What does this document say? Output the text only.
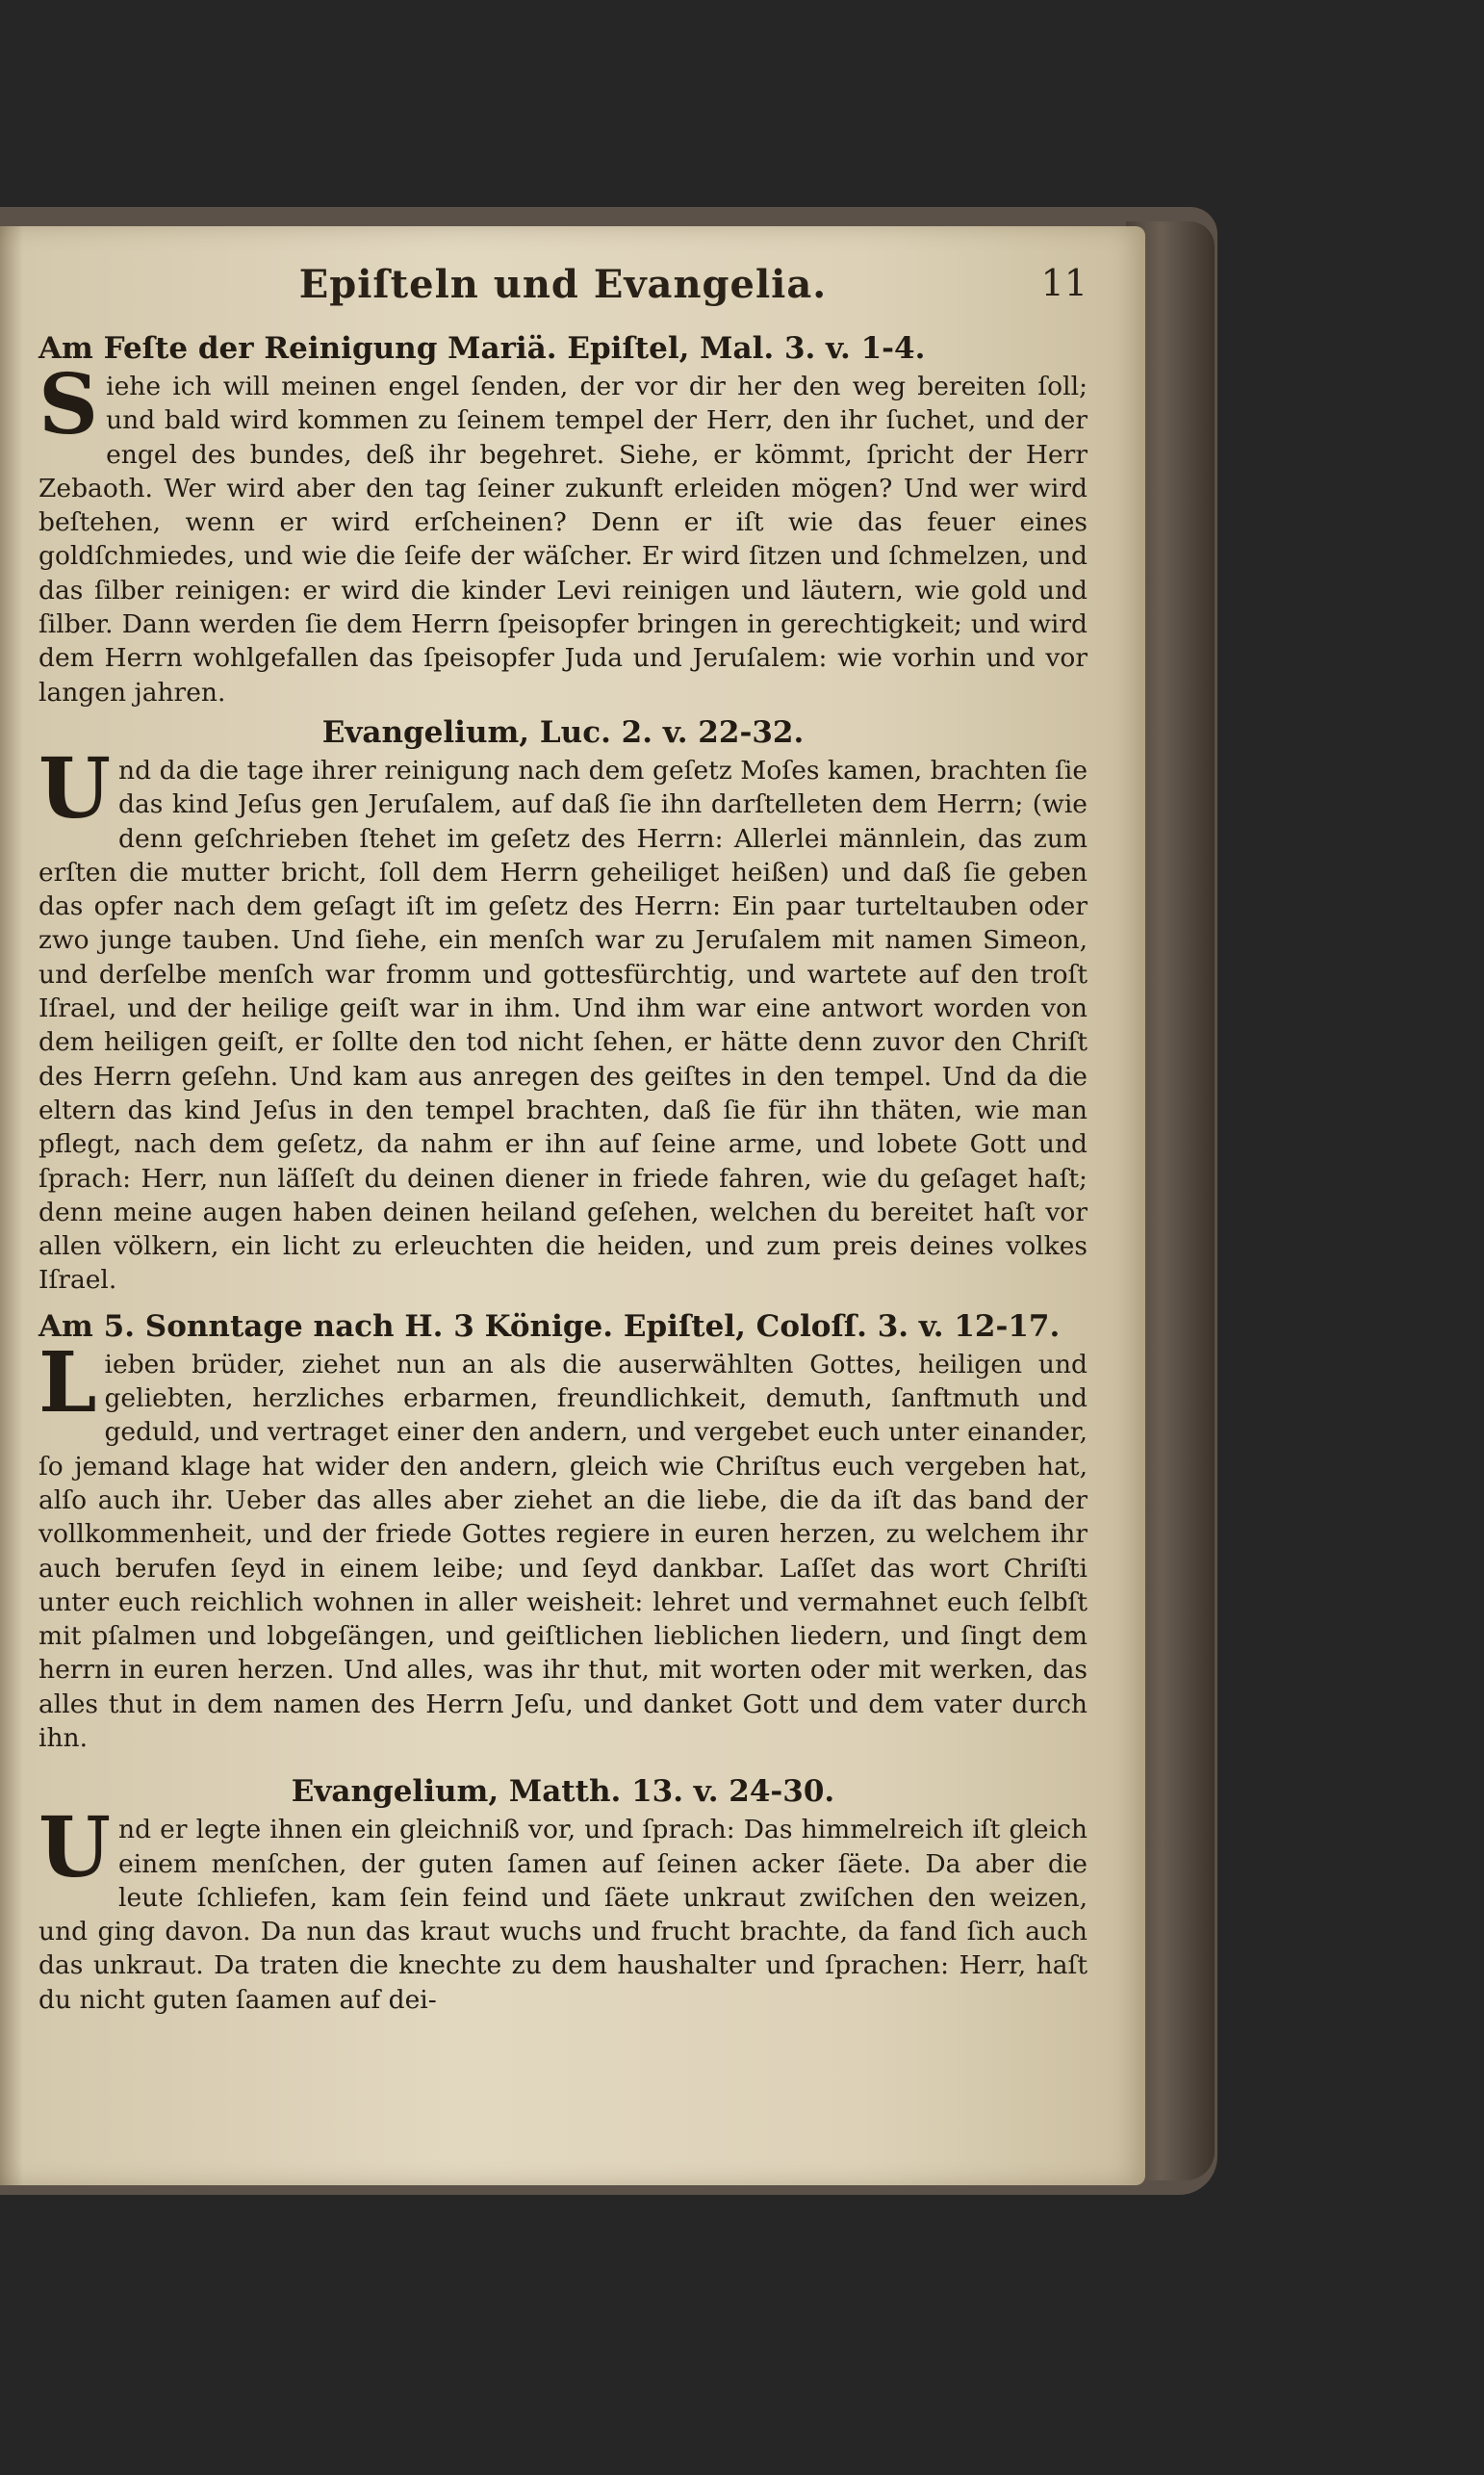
Epiſteln und Evangelia.	11
Am Feſte der Reinigung Mariä. Epiſtel, Mal. 3. v. 1-4.

Siehe ich will meinen engel ſenden, der vor dir her den weg bereiten ſoll; und bald wird kommen zu ſeinem tempel der Herr, den ihr ſuchet, und der engel des bundes, deß ihr begehret. Siehe, er kömmt, ſpricht der Herr Zebaoth. Wer wird aber den tag ſeiner zukunft erleiden mögen? Und wer wird beſtehen, wenn er wird erſcheinen? Denn er iſt wie das feuer eines goldſchmiedes, und wie die ſeife der wäſcher. Er wird ſitzen und ſchmelzen, und das ſilber reinigen: er wird die kinder Levi reinigen und läutern, wie gold und ſilber. Dann werden ſie dem Herrn ſpeisopfer bringen in gerechtigkeit; und wird dem Herrn wohlgefallen das ſpeisopfer Juda und Jeruſalem: wie vorhin und vor langen jahren.

Evangelium, Luc. 2. v. 22-32.

Und da die tage ihrer reinigung nach dem geſetz Moſes kamen, brachten ſie das kind Jeſus gen Jeruſalem, auf daß ſie ihn darſtelleten dem Herrn; (wie denn geſchrieben ſtehet im geſetz des Herrn: Allerlei männlein, das zum erſten die mutter bricht, ſoll dem Herrn geheiliget heißen) und daß ſie geben das opfer nach dem geſagt iſt im geſetz des Herrn: Ein paar turteltauben oder zwo junge tauben. Und ſiehe, ein menſch war zu Jeruſalem mit namen Simeon, und derſelbe menſch war fromm und gottesfürchtig, und wartete auf den troſt Iſrael, und der heilige geiſt war in ihm. Und ihm war eine antwort worden von dem heiligen geiſt, er ſollte den tod nicht ſehen, er hätte denn zuvor den Chriſt des Herrn geſehn. Und kam aus anregen des geiſtes in den tempel. Und da die eltern das kind Jeſus in den tempel brachten, daß ſie für ihn thäten, wie man pflegt, nach dem geſetz, da nahm er ihn auf ſeine arme, und lobete Gott und ſprach: Herr, nun läſſeſt du deinen diener in friede fahren, wie du geſaget haſt; denn meine augen haben deinen heiland geſehen, welchen du bereitet haſt vor allen völkern, ein licht zu erleuchten die heiden, und zum preis deines volkes Iſrael.

Am 5. Sonntage nach H. 3 Könige. Epiſtel, Coloſſ. 3. v. 12-17.

Lieben brüder, ziehet nun an als die auserwählten Gottes, heiligen und geliebten, herzliches erbarmen, freundlichkeit, demuth, ſanftmuth und geduld, und vertraget einer den andern, und vergebet euch unter einander, ſo jemand klage hat wider den andern, gleich wie Chriſtus euch vergeben hat, alſo auch ihr. Ueber das alles aber ziehet an die liebe, die da iſt das band der vollkommenheit, und der friede Gottes regiere in euren herzen, zu welchem ihr auch berufen ſeyd in einem leibe; und ſeyd dankbar. Laſſet das wort Chriſti unter euch reichlich wohnen in aller weisheit: lehret und vermahnet euch ſelbſt mit pſalmen und lobgeſängen, und geiſtlichen lieblichen liedern, und ſingt dem herrn in euren herzen. Und alles, was ihr thut, mit worten oder mit werken, das alles thut in dem namen des Herrn Jeſu, und danket Gott und dem vater durch ihn.

Evangelium, Matth. 13. v. 24-30.

Und er legte ihnen ein gleichniß vor, und ſprach: Das himmelreich iſt gleich einem menſchen, der guten ſamen auf ſeinen acker ſäete. Da aber die leute ſchliefen, kam ſein feind und ſäete unkraut zwiſchen den weizen, und ging davon. Da nun das kraut wuchs und frucht brachte, da fand ſich auch das unkraut. Da traten die knechte zu dem haushalter und ſprachen: Herr, haſt du nicht guten ſaamen auf dei-
